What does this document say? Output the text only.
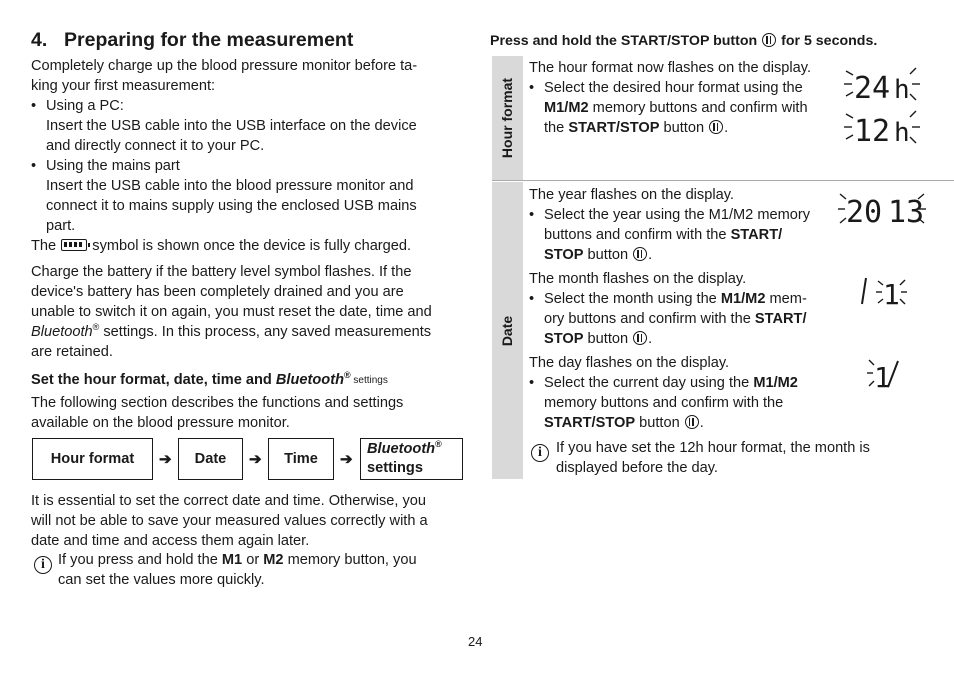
4. Preparing for the measurement

Completely charge up the blood pressure monitor before ta-

king your first measurement:

• Using a PC:

Insert the USB cable into the USB interface on the device

and directly connect it to your PC.

• Using the mains part

Insert the USB cable into the blood pressure monitor and

connect it to mains supply using the enclosed USB mains

part.

The symbol is shown once the device is fully charged.

Charge the battery if the battery level symbol flashes. If the

device's battery has been completely drained and you are

unable to switch it on again, you must reset the date, time and

Bluetooth® settings. In this process, any saved measurements

are retained.

Set the hour format, date, time and Bluetooth® settings

The following section describes the functions and settings

available on the blood pressure monitor.

Hour format ➔ Date ➔ Time ➔
Bluetooth®
settings

It is essential to set the correct date and time. Otherwise, you

will not be able to save your measured values correctly with a

date and time and access them again later.

i If you press and hold the M1 or M2 memory button, you

can set the values more quickly.

Press and hold the START/STOP button  for 5 seconds.

Hour format
Date

The hour format now flashes on the display.

• Select the desired hour format using the

M1/M2 memory buttons and confirm with

the START/STOP button .

24 h
12 h

The year flashes on the display.

• Select the year using the M1/M2 memory

buttons and confirm with the START/

STOP button .

20 13

The month flashes on the display.

• Select the month using the M1/M2 mem-

ory buttons and confirm with the START/

STOP button .

1

The day flashes on the display.

• Select the current day using the M1/M2

memory buttons and confirm with the

START/STOP button .

1
i If you have set the 12h hour format, the month is

displayed before the day.

24
